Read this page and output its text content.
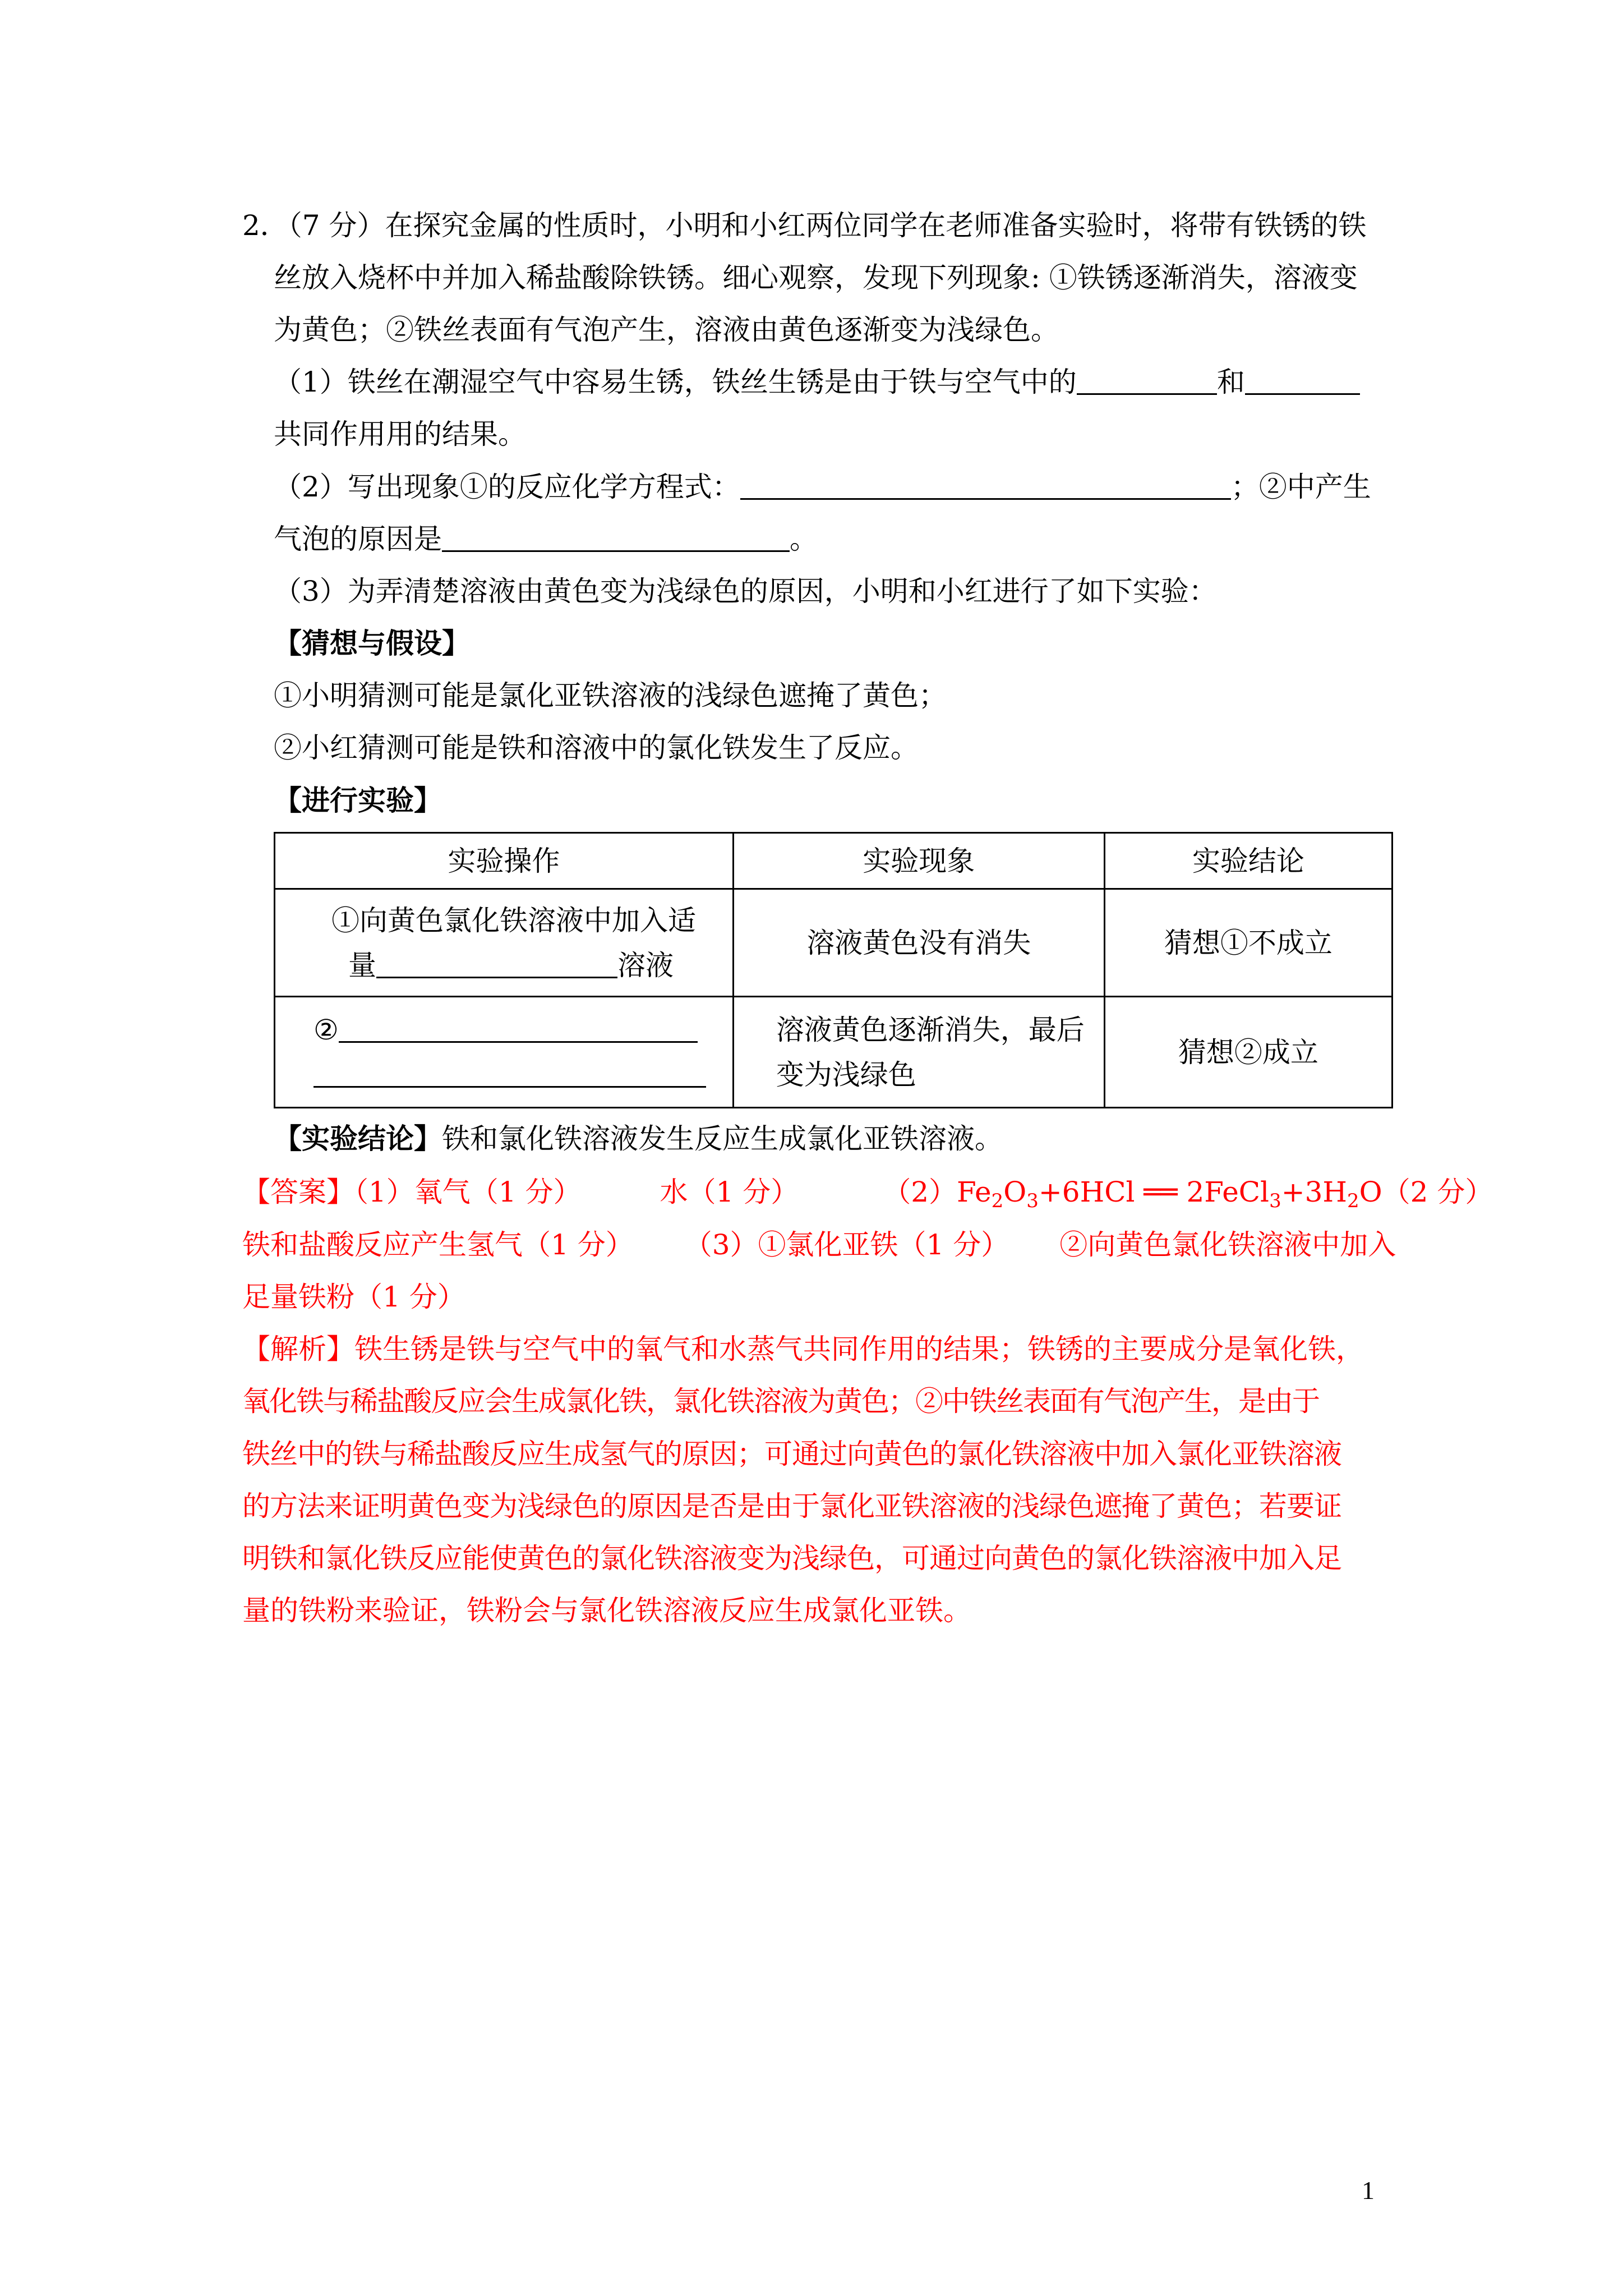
2．（7 分）在探究金属的性质时，小明和小红两位同学在老师准备实验时，将带有铁锈的铁
丝放入烧杯中并加入稀盐酸除铁锈。细心观察，发现下列现象: ①铁锈逐渐消失，溶液变
为黄色；②铁丝表面有气泡产生，溶液由黄色逐渐变为浅绿色。
（1）铁丝在潮湿空气中容易生锈，铁丝生锈是由于铁与空气中的	和
共同作用用的结果。
（2）写出现象①的反应化学方程式：	；②中产生
气泡的原因是	。
（3）为弄清楚溶液由黄色变为浅绿色的原因，小明和小红进行了如下实验：
【猜想与假设】
①小明猜测可能是氯化亚铁溶液的浅绿色遮掩了黄色；
②小红猜测可能是铁和溶液中的氯化铁发生了反应。
【进行实验】
实验操作	实验现象	实验结论

①向黄色氯化铁溶液中加入适
量 溶液	溶液黄色没有消失	猜想①不成立

②	溶液黄色逐渐消失，最后
变为浅绿色	猜想②成立
【实验结论】铁和氯化铁溶液发生反应生成氯化亚铁溶液。
【答案】（1）氧气（1 分）	水（1 分）	$(2)Fe_2O_3+6HCl$ ══ $2FeCl_3+3H_2O(2$ 分）
铁和盐酸反应产生氢气（1 分） （3）①氯化亚铁（1 分） ②向黄色氯化铁溶液中加入
足量铁粉（1 分）
【解析】铁生锈是铁与空气中的氧气和水蒸气共同作用的结果；铁锈的主要成分是氧化铁，
氧化铁与稀盐酸反应会生成氯化铁，氯化铁溶液为黄色；②中铁丝表面有气泡产生，是由于
铁丝中的铁与稀盐酸反应生成氢气的原因；可通过向黄色的氯化铁溶液中加入氯化亚铁溶液
的方法来证明黄色变为浅绿色的原因是否是由于氯化亚铁溶液的浅绿色遮掩了黄色；若要证
明铁和氯化铁反应能使黄色的氯化铁溶液变为浅绿色，可通过向黄色的氯化铁溶液中加入足
量的铁粉来验证，铁粉会与氯化铁溶液反应生成氯化亚铁。
1
